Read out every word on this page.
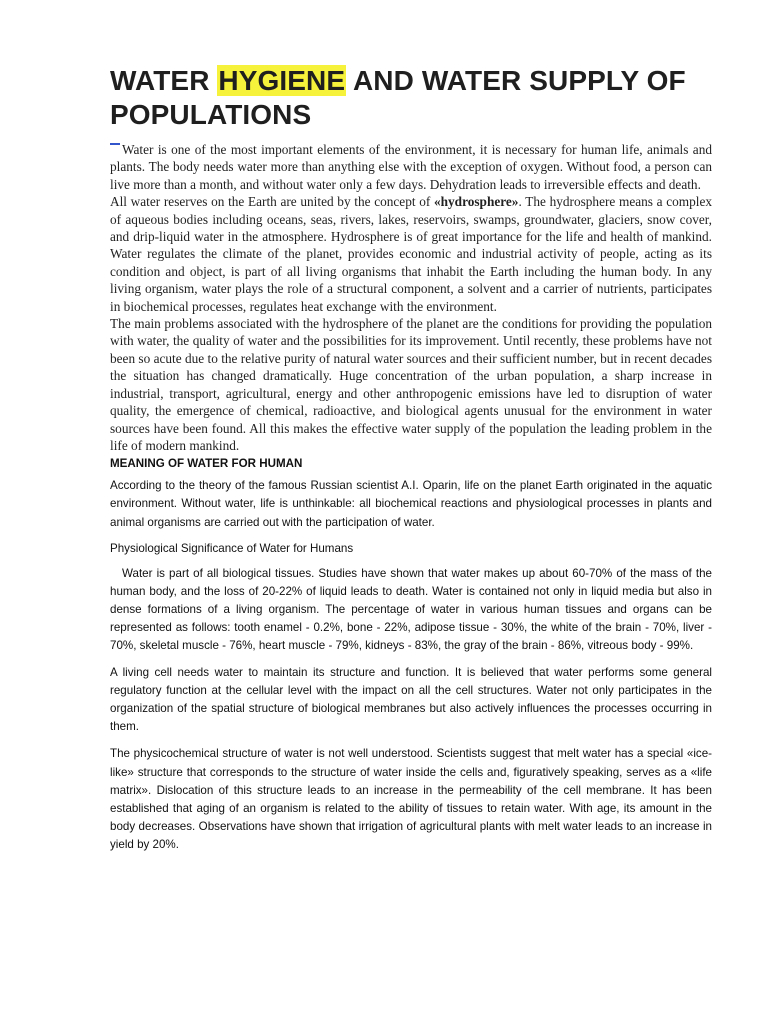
WATER HYGIENE AND WATER SUPPLY OF POPULATIONS

Water is one of the most important elements of the environment, it is necessary for human life, animals and plants. The body needs water more than anything else with the exception of oxygen. Without food, a person can live more than a month, and without water only a few days. Dehydration leads to irreversible effects and death.

All water reserves on the Earth are united by the concept of «hydrosphere». The hydrosphere means a complex of aqueous bodies including oceans, seas, rivers, lakes, reservoirs, swamps, groundwater, glaciers, snow cover, and drip-liquid water in the atmosphere. Hydrosphere is of great importance for the life and health of mankind. Water regulates the climate of the planet, provides economic and industrial activity of people, acting as its condition and object, is part of all living organisms that inhabit the Earth including the human body. In any living organism, water plays the role of a structural component, a solvent and a carrier of nutrients, participates in biochemical processes, regulates heat exchange with the environment.

The main problems associated with the hydrosphere of the planet are the conditions for providing the population with water, the quality of water and the possibilities for its improvement. Until recently, these problems have not been so acute due to the relative purity of natural water sources and their sufficient number, but in recent decades the situation has changed dramatically. Huge concentration of the urban population, a sharp increase in industrial, transport, agricultural, energy and other anthropogenic emissions have led to disruption of water quality, the emergence of chemical, radioactive, and biological agents unusual for the environment in water sources have been found. All this makes the effective water supply of the population the leading problem in the life of modern mankind.

MEANING OF WATER FOR HUMAN

According to the theory of the famous Russian scientist A.I. Oparin, life on the planet Earth originated in the aquatic environment. Without water, life is unthinkable: all biochemical reactions and physiological processes in plants and animal organisms are carried out with the participation of water.

Physiological Significance of Water for Humans

Water is part of all biological tissues. Studies have shown that water makes up about 60-70% of the mass of the human body, and the loss of 20-22% of liquid leads to death. Water is contained not only in liquid media but also in dense formations of a living organism. The percentage of water in various human tissues and organs can be represented as follows: tooth enamel - 0.2%, bone - 22%, adipose tissue - 30%, the white of the brain - 70%, liver - 70%, skeletal muscle - 76%, heart muscle - 79%, kidneys - 83%, the gray of the brain - 86%, vitreous body - 99%.

A living cell needs water to maintain its structure and function. It is believed that water performs some general regulatory function at the cellular level with the impact on all the cell structures. Water not only participates in the organization of the spatial structure of biological membranes but also actively influences the processes occurring in them.

The physicochemical structure of water is not well understood. Scientists suggest that melt water has a special «ice-like» structure that corresponds to the structure of water inside the cells and, figuratively speaking, serves as a «life matrix». Dislocation of this structure leads to an increase in the permeability of the cell membrane. It has been established that aging of an organism is related to the ability of tissues to retain water. With age, its amount in the body decreases. Observations have shown that irrigation of agricultural plants with melt water leads to an increase in yield by 20%.
